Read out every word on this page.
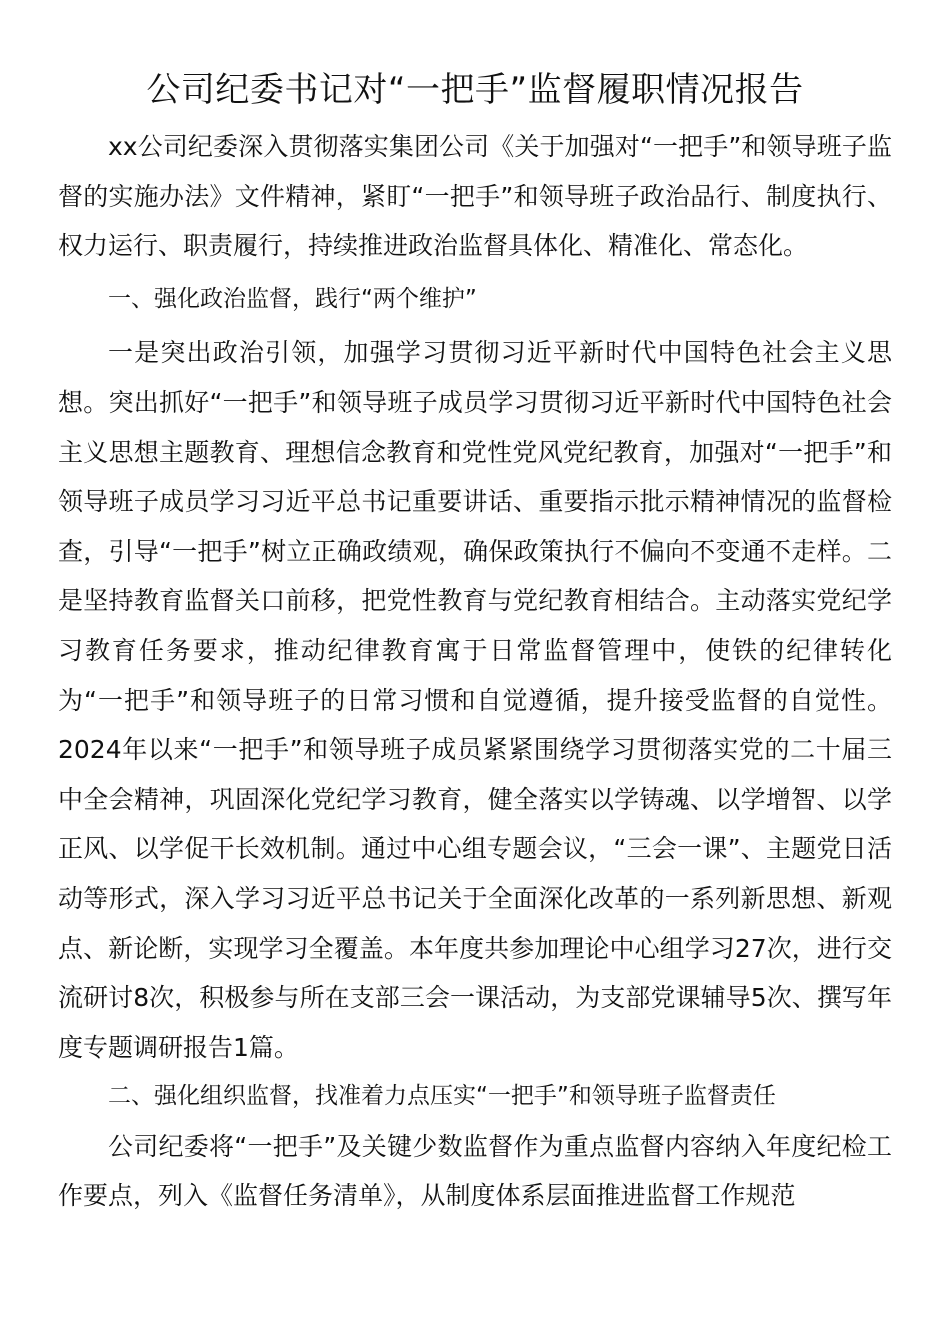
公司纪委书记对“一把手”监督履职情况报告

xx公司纪委深入贯彻落实集团公司《关于加强对“一把手”和领导班子监督的实施办法》文件精神，紧盯“一把手”和领导班子政治品行、制度执行、权力运行、职责履行，持续推进政治监督具体化、精准化、常态化。

一、强化政治监督，践行“两个维护”

一是突出政治引领，加强学习贯彻习近平新时代中国特色社会主义思想。突出抓好“一把手”和领导班子成员学习贯彻习近平新时代中国特色社会主义思想主题教育、理想信念教育和党性党风党纪教育，加强对“一把手”和领导班子成员学习习近平总书记重要讲话、重要指示批示精神情况的监督检查，引导“一把手”树立正确政绩观，确保政策执行不偏向不变通不走样。二是坚持教育监督关口前移，把党性教育与党纪教育相结合。主动落实党纪学习教育任务要求，推动纪律教育寓于日常监督管理中，使铁的纪律转化为“一把手”和领导班子的日常习惯和自觉遵循，提升接受监督的自觉性。2024年以来“一把手”和领导班子成员紧紧围绕学习贯彻落实党的二十届三中全会精神，巩固深化党纪学习教育，健全落实以学铸魂、以学增智、以学正风、以学促干长效机制。通过中心组专题会议，“三会一课”、主题党日活动等形式，深入学习习近平总书记关于全面深化改革的一系列新思想、新观点、新论断，实现学习全覆盖。本年度共参加理论中心组学习27次，进行交流研讨8次，积极参与所在支部三会一课活动，为支部党课辅导5次、撰写年度专题调研报告1篇。

二、强化组织监督，找准着力点压实“一把手”和领导班子监督责任

公司纪委将“一把手”及关键少数监督作为重点监督内容纳入年度纪检工作要点，列入《监督任务清单》，从制度体系层面推进监督工作规范
